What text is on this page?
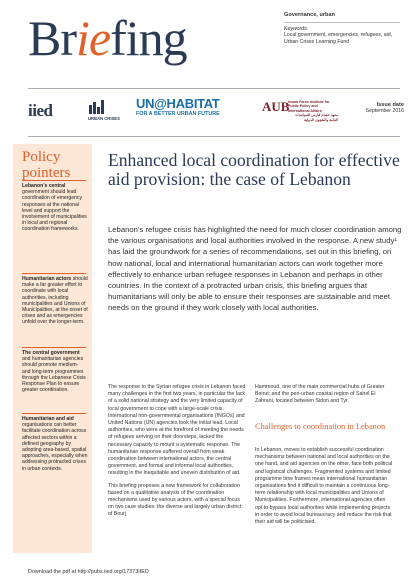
Briefing	Governance, urban
Keywords:
Local government, emergencies, refugees, aid, Urban Crises Learning Fund
iied	URBAN CRISES
UN@HABITAT
FOR A BETTER URBAN FUTURE	AUB
Issam Fares Institute for Public Policy and International Affairs
معهد عصام فارس للسياسات العامة والشؤون الدولية
Issue date
September 2016
Policy pointers
Lebanon’s central government should lead coordination of emergency responses at the national level and support the involvement of municipalities in local and regional coordination frameworks.
Humanitarian actors should make a far greater effort to coordinate with local authorities, including municipalities and Unions of Municipalities, at the onset of crises and as emergencies unfold over the longer-term.
The central government and humanitarian agencies should promote medium- and long-term programmes through the Lebanese Crisis Response Plan to ensure greater coordination.
Humanitarian and aid organisations can better facilitate coordination across affected sectors within a defined geography by adopting area-based, spatial approaches, especially when addressing protracted crises in urban contexts.
Enhanced local coordination for effective aid provision: the case of Lebanon
Lebanon’s refugee crisis has highlighted the need for much closer coordination among the various organisations and local authorities involved in the response. A new study¹ has laid the groundwork for a series of recommendations, set out in this briefing, on how national, local and international humanitarian actors can work together more effectively to enhance urban refugee responses in Lebanon and perhaps in other countries. In the context of a protracted urban crisis, this briefing argues that humanitarians will only be able to ensure their responses are sustainable and meet needs on the ground if they work closely with local authorities.

The response to the Syrian refugee crisis in Lebanon faced many challenges in the first two years, in particular the lack of a solid national strategy and the very limited capacity of local government to cope with a large-scale crisis. International non-governmental organisations (INGOs) and United Nations (UN) agencies took the initial lead. Local authorities, who were at the forefront of meeting the needs of refugees arriving on their doorsteps, lacked the necessary capacity to mount a systematic response. The humanitarian response suffered overall from weak coordination between international actors, the central government, and formal and informal local authorities, resulting in the inequitable and uneven distribution of aid.

This briefing proposes a new framework for collaboration based on a qualitative analysis of the coordination mechanisms used by various actors, with a special focus on two case studies: the diverse and largely urban district of Bourj

Hammoud, one of the main commercial hubs of Greater Beirut; and the peri-urban coastal region of Sahel El Zahrani, located between Sidon and Tyr.

Challenges to coordination in Lebanon

In Lebanon, moves to establish successful coordination mechanisms between national and local authorities on the one hand, and aid agencies on the other, face both political and logistical challenges. Fragmented systems and limited programme time frames mean international humanitarian organisations find it difficult to maintain a continuous long-term relationship with local municipalities and Unions of Municipalities. Furthermore, international agencies often opt to bypass local authorities while implementing projects in order to avoid local bureaucracy and reduce the risk that their aid will be politicised.

Download the pdf at http://pubs.iied.org/17373IIED
